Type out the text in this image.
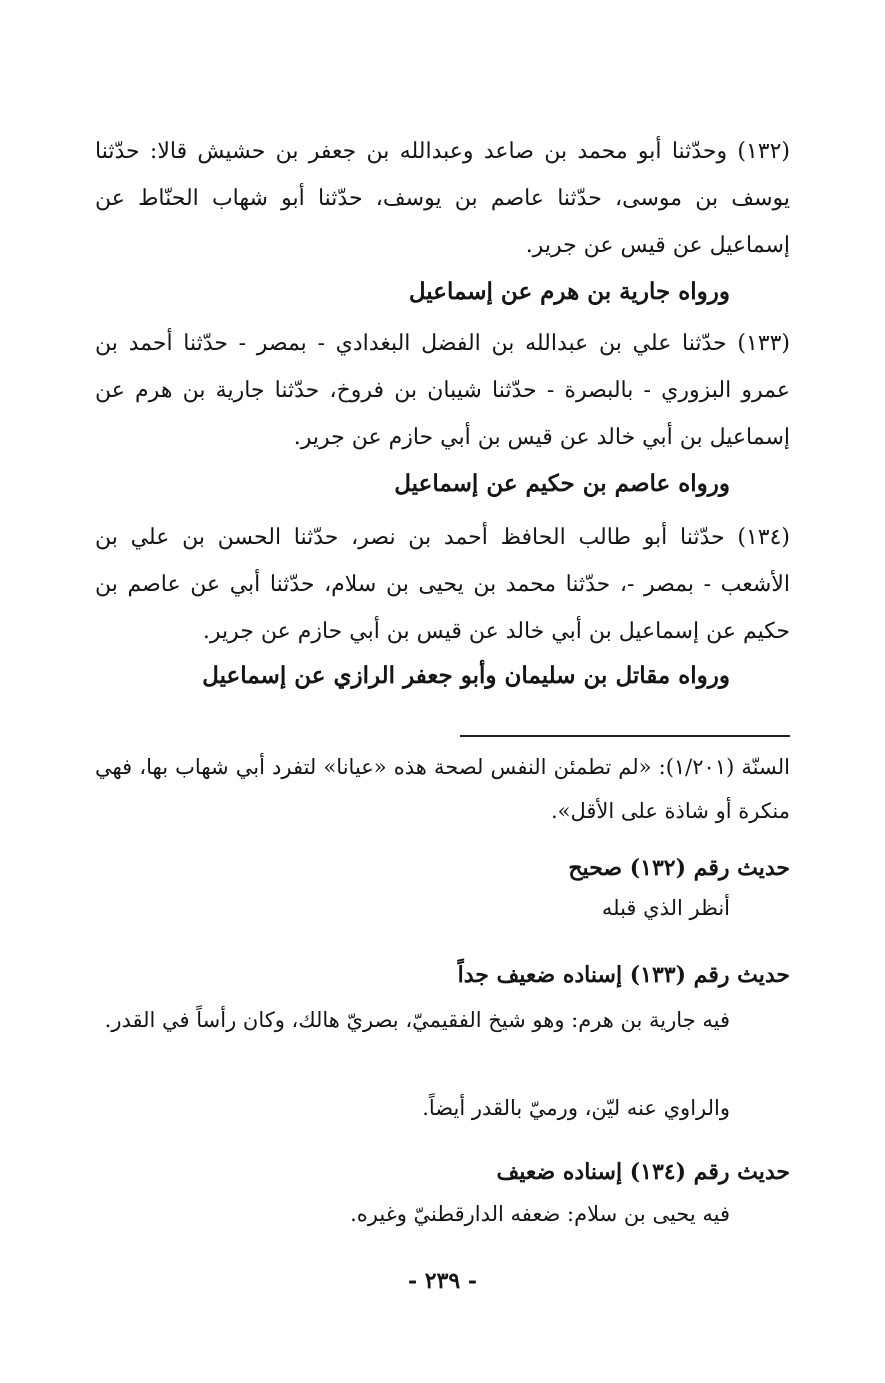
(١٣٢) وحدّثنا أبو محمد بن صاعد وعبدالله بن جعفر بن حشيش قالا: حدّثنا يوسف بن موسى، حدّثنا عاصم بن يوسف، حدّثنا أبو شهاب الحنّاط عن إسماعيل عن قيس عن جرير.

ورواه جارية بن هرم عن إسماعيل

(١٣٣) حدّثنا علي بن عبدالله بن الفضل البغدادي - بمصر - حدّثنا أحمد بن عمرو البزوري - بالبصرة - حدّثنا شيبان بن فروخ، حدّثنا جارية بن هرم عن إسماعيل بن أبي خالد عن قيس بن أبي حازم عن جرير.

ورواه عاصم بن حكيم عن إسماعيل

(١٣٤) حدّثنا أبو طالب الحافظ أحمد بن نصر، حدّثنا الحسن بن علي بن الأشعب - بمصر -، حدّثنا محمد بن يحيى بن سلام، حدّثنا أبي عن عاصم بن حكيم عن إسماعيل بن أبي خالد عن قيس بن أبي حازم عن جرير.

ورواه مقاتل بن سليمان وأبو جعفر الرازي عن إسماعيل

السنّة (١/٢٠١): «لم تطمئن النفس لصحة هذه «عيانا» لتفرد أبي شهاب بها، فهي منكرة أو شاذة على الأقل».

حديث رقم (١٣٢) صحيح

أنظر الذي قبله

حديث رقم (١٣٣) إسناده ضعيف جداً

فيه جارية بن هرم: وهو شيخ الفقيميّ، بصريّ هالك، وكان رأساً في القدر.

والراوي عنه ليّن، ورميّ بالقدر أيضاً.

حديث رقم (١٣٤) إسناده ضعيف

فيه يحيى بن سلام: ضعفه الدارقطنيّ وغيره.

- ٢٣٩ -
